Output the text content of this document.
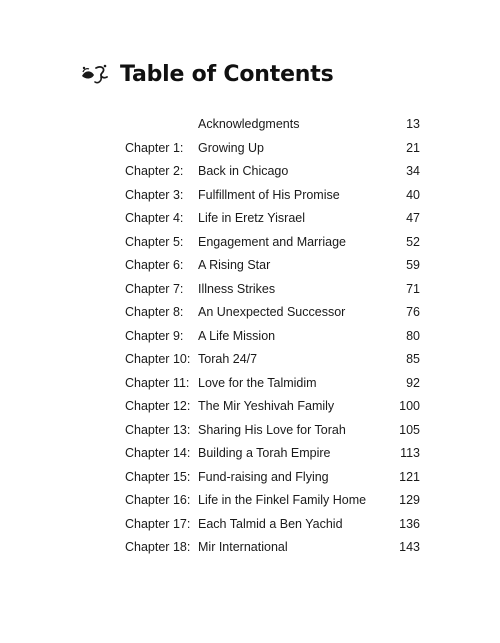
Table of Contents
Acknowledgments	13
Chapter 1: Growing Up	21
Chapter 2: Back in Chicago	34
Chapter 3: Fulfillment of His Promise	40
Chapter 4: Life in Eretz Yisrael	47
Chapter 5: Engagement and Marriage	52
Chapter 6: A Rising Star	59
Chapter 7: Illness Strikes	71
Chapter 8: An Unexpected Successor	76
Chapter 9: A Life Mission	80
Chapter 10: Torah 24/7	85
Chapter 11: Love for the Talmidim	92
Chapter 12: The Mir Yeshivah Family	100
Chapter 13: Sharing His Love for Torah	105
Chapter 14: Building a Torah Empire	113
Chapter 15: Fund-raising and Flying	121
Chapter 16: Life in the Finkel Family Home	129
Chapter 17: Each Talmid a Ben Yachid	136
Chapter 18: Mir International	143
